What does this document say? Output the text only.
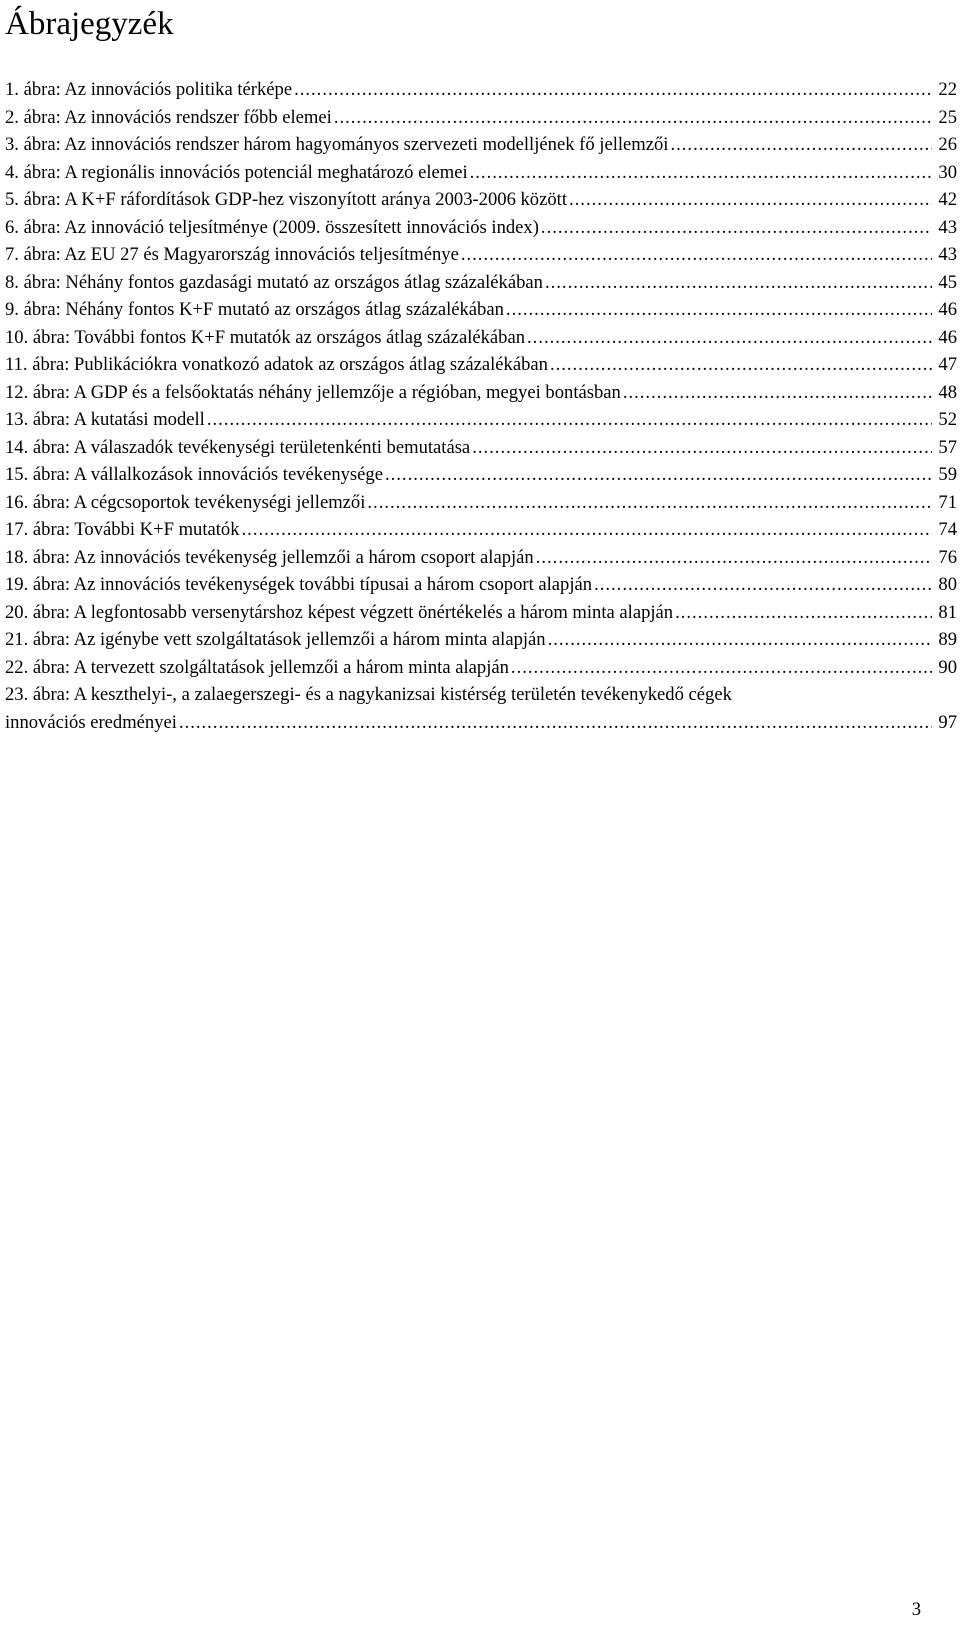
Ábrajegyzék
1. ábra: Az innovációs politika térképe .....	22
2. ábra: Az innovációs rendszer főbb elemei .....	25
3. ábra: Az innovációs rendszer három hagyományos szervezeti modelljének fő jellemzői .....	26
4. ábra: A regionális innovációs potenciál meghatározó elemei .....	30
5. ábra: A K+F ráfordítások GDP-hez viszonyított aránya 2003-2006 között .....	42
6. ábra: Az innováció teljesítménye (2009. összesített innovációs index) .....	43
7. ábra: Az EU 27 és Magyarország innovációs teljesítménye .....	43
8. ábra: Néhány fontos gazdasági mutató az országos átlag százalékában .....	45
9. ábra: Néhány fontos K+F mutató az országos átlag százalékában .....	46
10. ábra: További fontos K+F mutatók az országos átlag százalékában .....	46
11. ábra: Publikációkra vonatkozó adatok az országos átlag százalékában .....	47
12. ábra: A GDP és a felsőoktatás néhány jellemzője a régióban, megyei bontásban .....	48
13. ábra: A kutatási modell .....	52
14. ábra: A válaszadók tevékenységi területenkénti bemutatása .....	57
15. ábra: A vállalkozások innovációs tevékenysége .....	59
16. ábra: A cégcsoportok tevékenységi jellemzői .....	71
17. ábra: További K+F mutatók .....	74
18. ábra: Az innovációs tevékenység jellemzői a három csoport alapján .....	76
19. ábra: Az innovációs tevékenységek további típusai a három csoport alapján .....	80
20. ábra: A legfontosabb versenytárshoz képest végzett önértékelés a három minta alapján .....	81
21. ábra: Az igénybe vett szolgáltatások jellemzői a három minta alapján .....	89
22. ábra: A tervezett szolgáltatások jellemzői a három minta alapján .....	90
23. ábra: A keszthelyi-, a zalaegerszegi- és a nagykanizsai kistérség területén tevékenykedő cégek
innovációs eredményei .....	97
3
